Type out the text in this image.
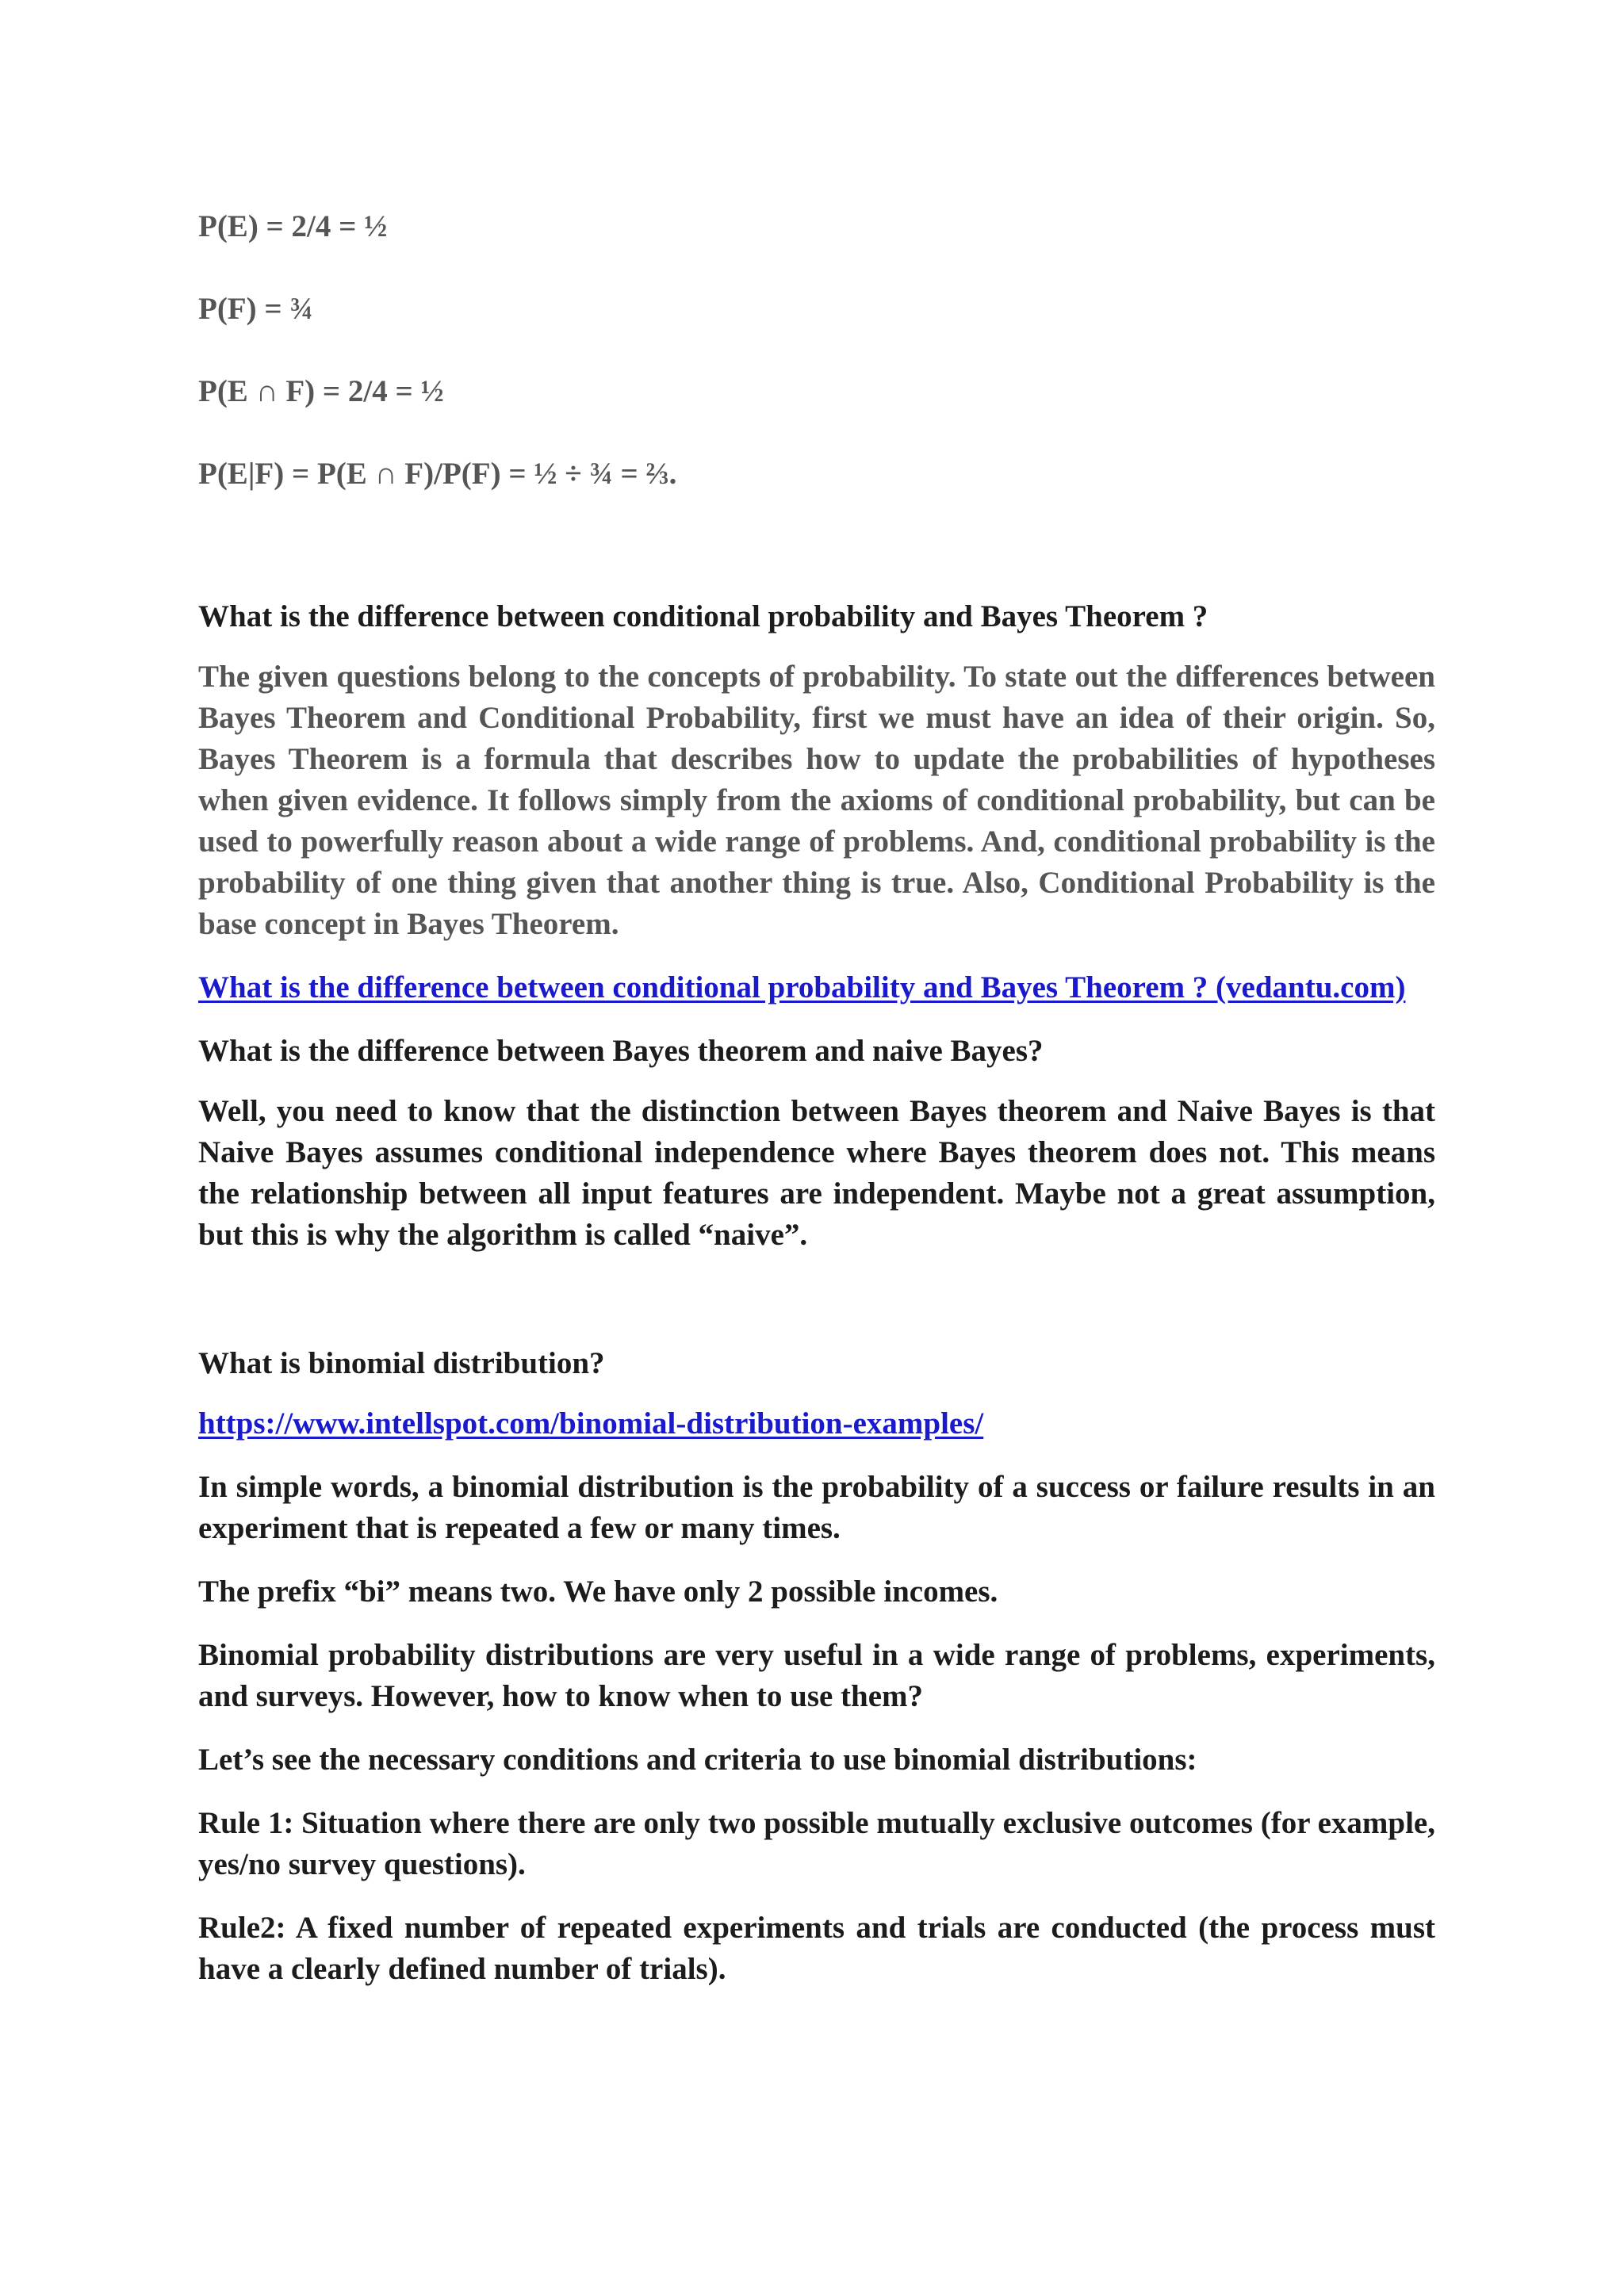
P(E) = 2/4 = ½
P(F) = ¾
P(E ∩ F) = 2/4 = ½
P(E|F) = P(E ∩ F)/P(F) = ½ ÷ ¾ = ⅔.
What is the difference between conditional probability and Bayes Theorem ?

The given questions belong to the concepts of probability. To state out the differences between Bayes Theorem and Conditional Probability, first we must have an idea of their origin. So, Bayes Theorem is a formula that describes how to update the probabilities of hypotheses when given evidence. It follows simply from the axioms of conditional probability, but can be used to powerfully reason about a wide range of problems. And, conditional probability is the probability of one thing given that another thing is true. Also, Conditional Probability is the base concept in Bayes Theorem.

What is the difference between conditional probability and Bayes Theorem ? (vedantu.com)
What is the difference between Bayes theorem and naive Bayes?

Well, you need to know that the distinction between Bayes theorem and Naive Bayes is that Naive Bayes assumes conditional independence where Bayes theorem does not. This means the relationship between all input features are independent. Maybe not a great assumption, but this is why the algorithm is called “naive”.

What is binomial distribution?
https://www.intellspot.com/binomial-distribution-examples/

In simple words, a binomial distribution is the probability of a success or failure results in an experiment that is repeated a few or many times.

The prefix “bi” means two. We have only 2 possible incomes.

Binomial probability distributions are very useful in a wide range of problems, experiments, and surveys. However, how to know when to use them?

Let’s see the necessary conditions and criteria to use binomial distributions:

Rule 1: Situation where there are only two possible mutually exclusive outcomes (for example, yes/no survey questions).

Rule2: A fixed number of repeated experiments and trials are conducted (the process must have a clearly defined number of trials).
